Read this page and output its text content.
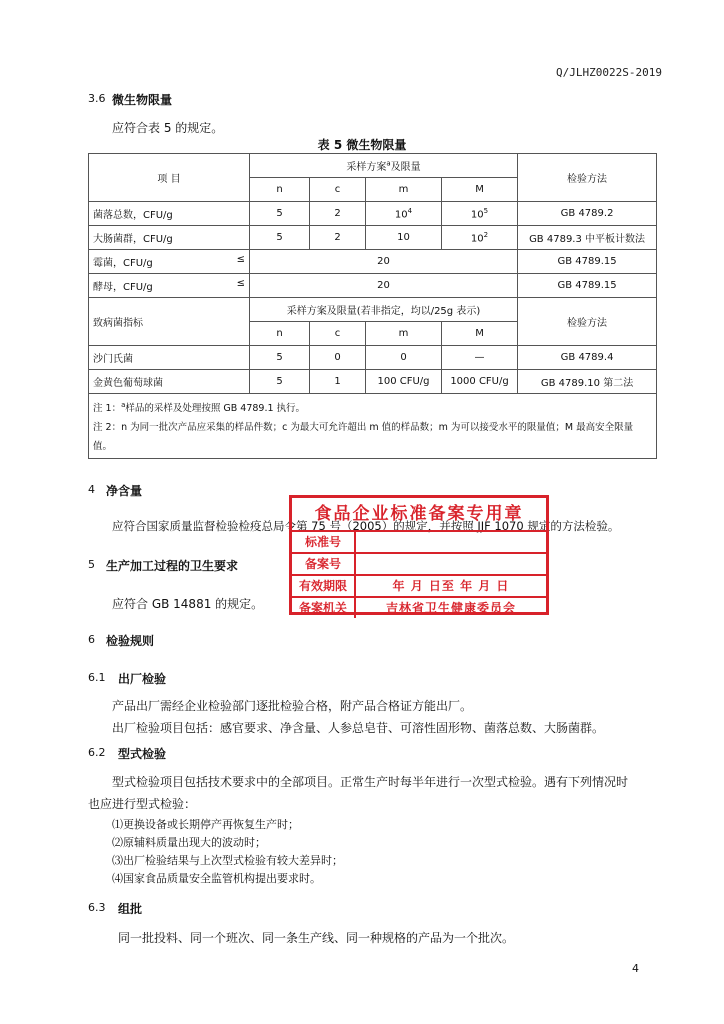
Q/JLHZ0022S-2019
3.6 微生物限量
应符合表 5 的规定。
表 5 微生物限量
项 目	采样方案$^a$及限量				检验方法
	n	c	m	M	
菌落总数，CFU/g	5	2	$10^4$	$10^5$	GB 4789.2
大肠菌群，CFU/g	5	2	10	$10^2$	GB 4789.3 中平板计数法
霉菌，CFU/g ≤	20				GB 4789.15
酵母，CFU/g ≤	20				GB 4789.15
致病菌指标	采样方案及限量(若非指定，均以/25g 表示)				检验方法
	n	c	m	M	
沙门氏菌	5	0	0	—	GB 4789.4
金黄色葡萄球菌	5	1	100 CFU/g	1000 CFU/g	GB 4789.10 第二法

注 1：$^a$样品的采样及处理按照 GB 4789.1 执行。
注 2：n 为同一批次产品应采集的样品件数；c 为最大可允许超出 m 值的样品数；m 为可以接受水平的限量值；M 最高安全限量值。					
4 净含量
应符合国家质量监督检验检疫总局令第 75 号（2005）的规定，并按照 JJF 1070 规定的方法检验。
5 生产加工过程的卫生要求
应符合 GB 14881 的规定。
食品企业标准备案专用章
标准号
备案号
有效期限	年 月 日至 年 月 日
备案机关	吉林省卫生健康委员会
6 检验规则
6.1 出厂检验
产品出厂需经企业检验部门逐批检验合格，附产品合格证方能出厂。
出厂检验项目包括：感官要求、净含量、人参总皂苷、可溶性固形物、菌落总数、大肠菌群。
6.2 型式检验
型式检验项目包括技术要求中的全部项目。正常生产时每半年进行一次型式检验。遇有下列情况时
也应进行型式检验：
⑴更换设备或长期停产再恢复生产时；
⑵原辅料质量出现大的波动时；
⑶出厂检验结果与上次型式检验有较大差异时；
⑷国家食品质量安全监管机构提出要求时。
6.3 组批
同一批投料、同一个班次、同一条生产线、同一种规格的产品为一个批次。
4
